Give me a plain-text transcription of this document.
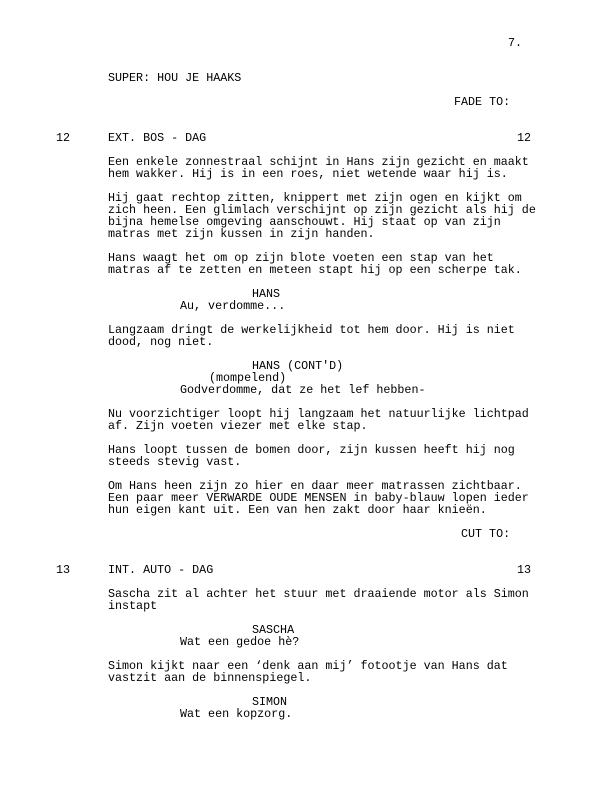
7.
SUPER: HOU JE HAAKS
FADE TO:
12	EXT. BOS - DAG	12
Een enkele zonnestraal schijnt in Hans zijn gezicht en maakt
hem wakker. Hij is in een roes, niet wetende waar hij is.
Hij gaat rechtop zitten, knippert met zijn ogen en kijkt om
zich heen. Een glimlach verschijnt op zijn gezicht als hij de
bijna hemelse omgeving aanschouwt. Hij staat op van zijn
matras met zijn kussen in zijn handen.
Hans waagt het om op zijn blote voeten een stap van het
matras af te zetten en meteen stapt hij op een scherpe tak.
HANS
Au, verdomme...
Langzaam dringt de werkelijkheid tot hem door. Hij is niet
dood, nog niet.
HANS (CONT'D)
(mompelend)
Godverdomme, dat ze het lef hebben-
Nu voorzichtiger loopt hij langzaam het natuurlijke lichtpad
af. Zijn voeten viezer met elke stap.
Hans loopt tussen de bomen door, zijn kussen heeft hij nog
steeds stevig vast.
Om Hans heen zijn zo hier en daar meer matrassen zichtbaar.
Een paar meer VERWARDE OUDE MENSEN in baby-blauw lopen ieder
hun eigen kant uit. Een van hen zakt door haar knieën.
CUT TO:
13	INT. AUTO - DAG	13
Sascha zit al achter het stuur met draaiende motor als Simon
instapt
SASCHA
Wat een gedoe hè?
Simon kijkt naar een ‘denk aan mij’ fotootje van Hans dat
vastzit aan de binnenspiegel.
SIMON
Wat een kopzorg.
